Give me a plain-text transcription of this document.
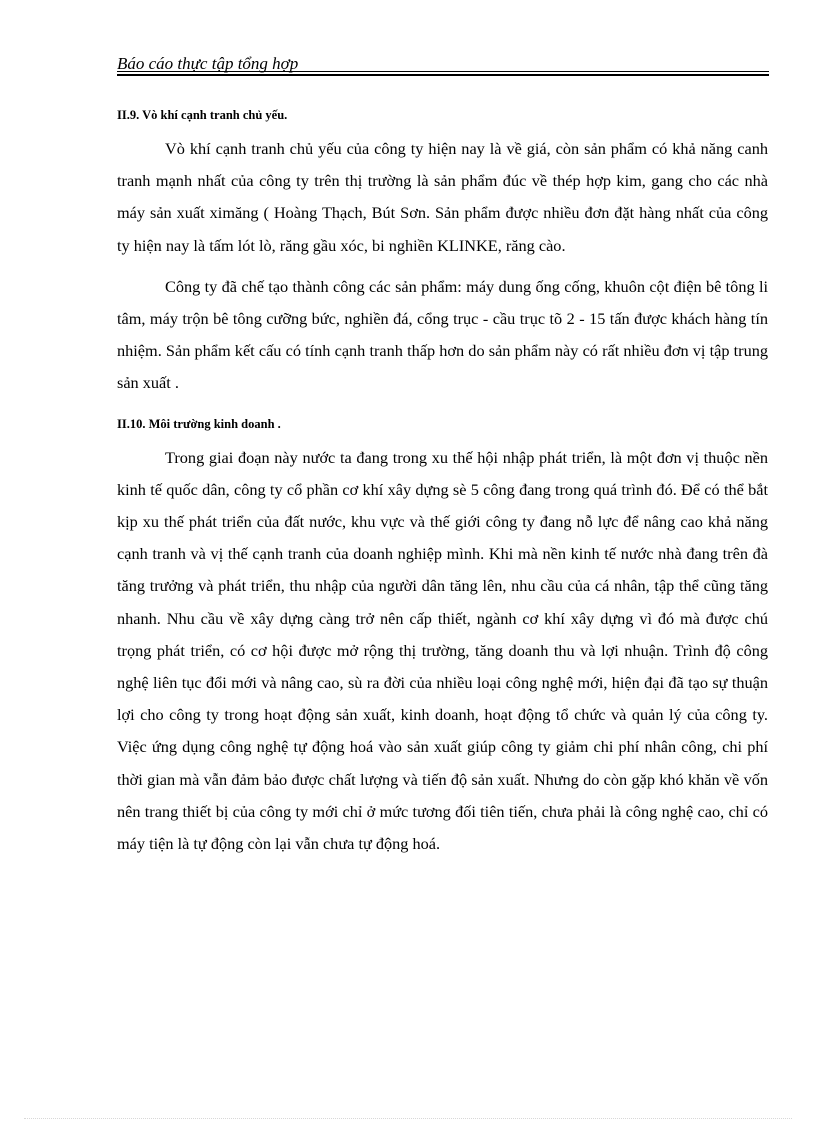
Báo cáo thực tập tổng hợp
II.9. Vò khí cạnh tranh chủ yếu.

Vò khí cạnh tranh chủ yếu của công ty hiện nay là về giá, còn sản phẩm có khả năng canh tranh mạnh nhất của công ty trên thị trường là sản phẩm đúc về thép hợp kim, gang cho các nhà máy sản xuất ximăng ( Hoàng Thạch, Bút Sơn. Sản phẩm được nhiều đơn đặt hàng nhất của công ty hiện nay là tấm lót lò, răng gầu xóc, bi nghiền KLINKE, răng cào.

Công ty đã chế tạo thành công các sản phẩm: máy dung ống cống, khuôn cột điện bê tông li tâm, máy trộn bê tông cưỡng bức, nghiền đá, cổng trục - cầu trục tõ 2 - 15 tấn được khách hàng tín nhiệm. Sản phẩm kết cấu có tính cạnh tranh thấp hơn do sản phẩm này có rất nhiều đơn vị tập trung sản xuất .

II.10. Môi trường kinh doanh .

Trong giai đoạn này nước ta đang trong xu thế hội nhập phát triển, là một đơn vị thuộc nền kinh tế quốc dân, công ty cổ phần cơ khí xây dựng sè 5 công đang trong quá trình đó. Để có thể bắt kịp xu thế phát triển của đất nước, khu vực và thế giới công ty đang nỗ lực để nâng cao khả năng cạnh tranh và vị thế cạnh tranh của doanh nghiệp mình. Khi mà nền kinh tế nước nhà đang trên đà tăng trưởng và phát triển, thu nhập của người dân tăng lên, nhu cầu của cá nhân, tập thể cũng tăng nhanh. Nhu cầu về xây dựng càng trở nên cấp thiết, ngành cơ khí xây dựng vì đó mà được chú trọng phát triển, có cơ hội được mở rộng thị trường, tăng doanh thu và lợi nhuận. Trình độ công nghệ liên tục đổi mới và nâng cao, sù ra đời của nhiều loại công nghệ mới, hiện đại đã tạo sự thuận lợi cho công ty trong hoạt động sản xuất, kinh doanh, hoạt động tổ chức và quản lý của công ty. Việc ứng dụng công nghệ tự động hoá vào sản xuất giúp công ty giảm chi phí nhân công, chi phí thời gian mà vẫn đảm bảo được chất lượng và tiến độ sản xuất. Nhưng do còn gặp khó khăn về vốn nên trang thiết bị của công ty mới chỉ ở mức tương đối tiên tiến, chưa phải là công nghệ cao, chỉ có máy tiện là tự động còn lại vẫn chưa tự động hoá.
